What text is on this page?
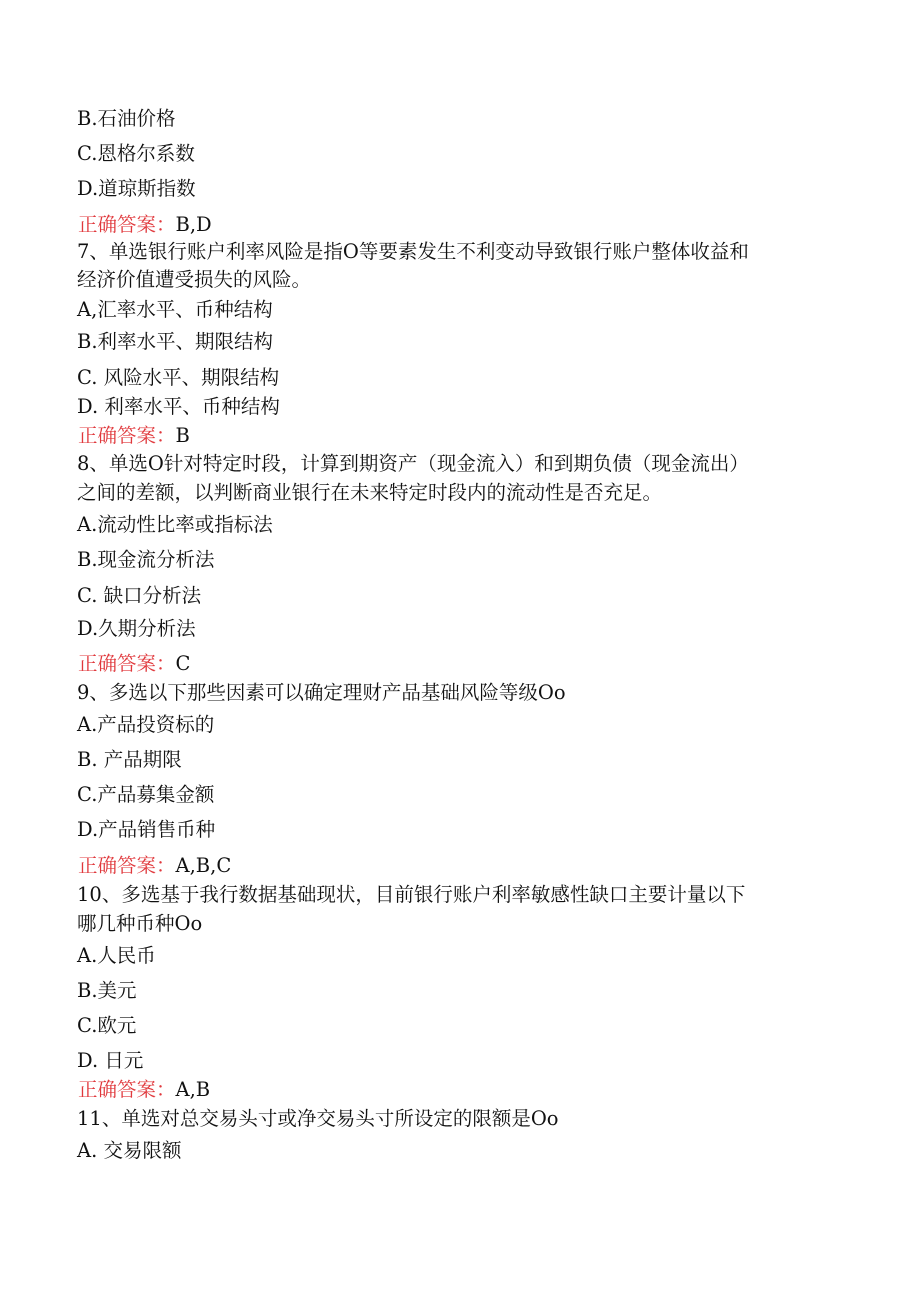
B.石油价格
C.恩格尔系数
D.道琼斯指数
正确答案：B,D
7、单选银行账户利率风险是指O等要素发生不利变动导致银行账户整体收益和
经济价值遭受损失的风险。
A,汇率水平、币种结构
B.利率水平、期限结构
C. 风险水平、期限结构
D. 利率水平、币种结构
正确答案：B
8、单选O针对特定时段，计算到期资产（现金流入）和到期负债（现金流出）
之间的差额，以判断商业银行在未来特定时段内的流动性是否充足。
A.流动性比率或指标法
B.现金流分析法
C. 缺口分析法
D.久期分析法
正确答案：C
9、多选以下那些因素可以确定理财产品基础风险等级Oo
A.产品投资标的
B. 产品期限
C.产品募集金额
D.产品销售币种
正确答案：A,B,C
10、多选基于我行数据基础现状，目前银行账户利率敏感性缺口主要计量以下
哪几种币种Oo
A.人民币
B.美元
C.欧元
D. 日元
正确答案：A,B
11、单选对总交易头寸或净交易头寸所设定的限额是Oo
A. 交易限额
